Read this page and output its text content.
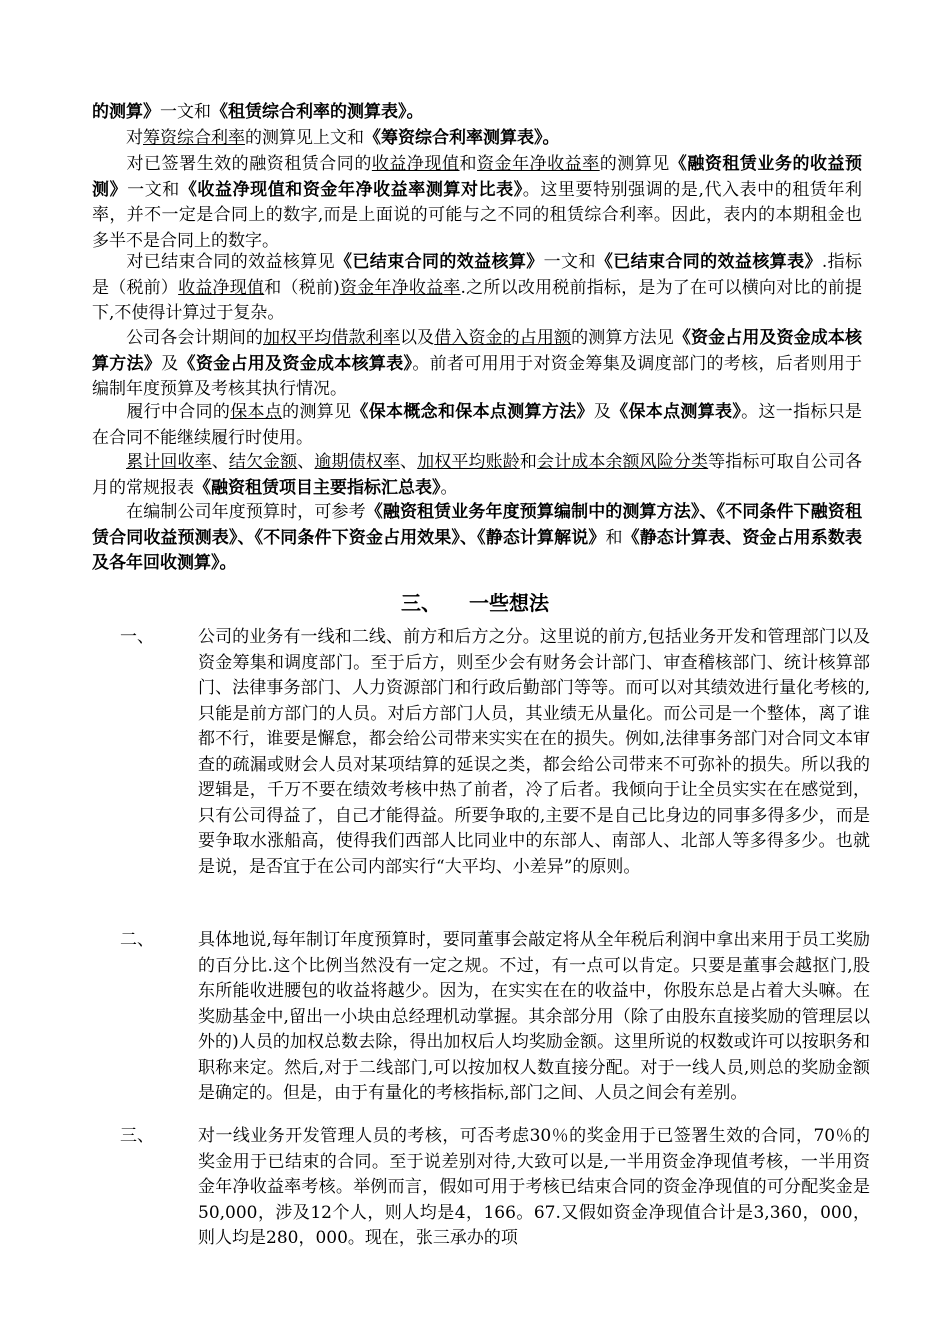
的测算》一文和《租赁综合利率的测算表》。
对筹资综合利率的测算见上文和《筹资综合利率测算表》。
对已签署生效的融资租赁合同的收益净现值和资金年净收益率的测算见《融资租赁业务的收益预测》一文和《收益净现值和资金年净收益率测算对比表》。这里要特别强调的是,代入表中的租赁年利率，并不一定是合同上的数字,而是上面说的可能与之不同的租赁综合利率。因此，表内的本期租金也多半不是合同上的数字。
对已结束合同的效益核算见《已结束合同的效益核算》一文和《已结束合同的效益核算表》.指标是（税前）收益净现值和（税前)资金年净收益率.之所以改用税前指标，是为了在可以横向对比的前提下,不使得计算过于复杂。
公司各会计期间的加权平均借款利率以及借入资金的占用额的测算方法见《资金占用及资金成本核算方法》及《资金占用及资金成本核算表》。前者可用用于对资金筹集及调度部门的考核，后者则用于编制年度预算及考核其执行情况。
履行中合同的保本点的测算见《保本概念和保本点测算方法》及《保本点测算表》。这一指标只是在合同不能继续履行时使用。
累计回收率、结欠金额、逾期债权率、加权平均账龄和会计成本余额风险分类等指标可取自公司各月的常规报表《融资租赁项目主要指标汇总表》。
在编制公司年度预算时，可参考《融资租赁业务年度预算编制中的测算方法》、《不同条件下融资租赁合同收益预测表》、《不同条件下资金占用效果》、《静态计算解说》和《静态计算表、资金占用系数表及各年回收测算》。
三、 一些想法
一、	公司的业务有一线和二线、前方和后方之分。这里说的前方,包括业务开发和管理部门以及资金筹集和调度部门。至于后方，则至少会有财务会计部门、审查稽核部门、统计核算部门、法律事务部门、人力资源部门和行政后勤部门等等。而可以对其绩效进行量化考核的,只能是前方部门的人员。对后方部门人员，其业绩无从量化。而公司是一个整体，离了谁都不行，谁要是懈怠，都会给公司带来实实在在的损失。例如,法律事务部门对合同文本审查的疏漏或财会人员对某项结算的延误之类，都会给公司带来不可弥补的损失。所以我的逻辑是，千万不要在绩效考核中热了前者，冷了后者。我倾向于让全员实实在在感觉到，只有公司得益了，自己才能得益。所要争取的,主要不是自己比身边的同事多得多少，而是要争取水涨船高，使得我们西部人比同业中的东部人、南部人、北部人等多得多少。也就是说，是否宜于在公司内部实行“大平均、小差异”的原则。
二、	具体地说,每年制订年度预算时，要同董事会敲定将从全年税后利润中拿出来用于员工奖励的百分比.这个比例当然没有一定之规。不过，有一点可以肯定。只要是董事会越抠门,股东所能收进腰包的收益将越少。因为，在实实在在的收益中，你股东总是占着大头嘛。在奖励基金中,留出一小块由总经理机动掌握。其余部分用（除了由股东直接奖励的管理层以外的)人员的加权总数去除，得出加权后人均奖励金额。这里所说的权数或许可以按职务和职称来定。然后,对于二线部门,可以按加权人数直接分配。对于一线人员,则总的奖励金额是确定的。但是，由于有量化的考核指标,部门之间、人员之间会有差别。
三、	对一线业务开发管理人员的考核，可否考虑30％的奖金用于已签署生效的合同，70％的奖金用于已结束的合同。至于说差别对待,大致可以是,一半用资金净现值考核，一半用资金年净收益率考核。举例而言，假如可用于考核已结束合同的资金净现值的可分配奖金是50,000，涉及12个人，则人均是4，166。67.又假如资金净现值合计是3,360，000，则人均是280，000。现在，张三承办的项
